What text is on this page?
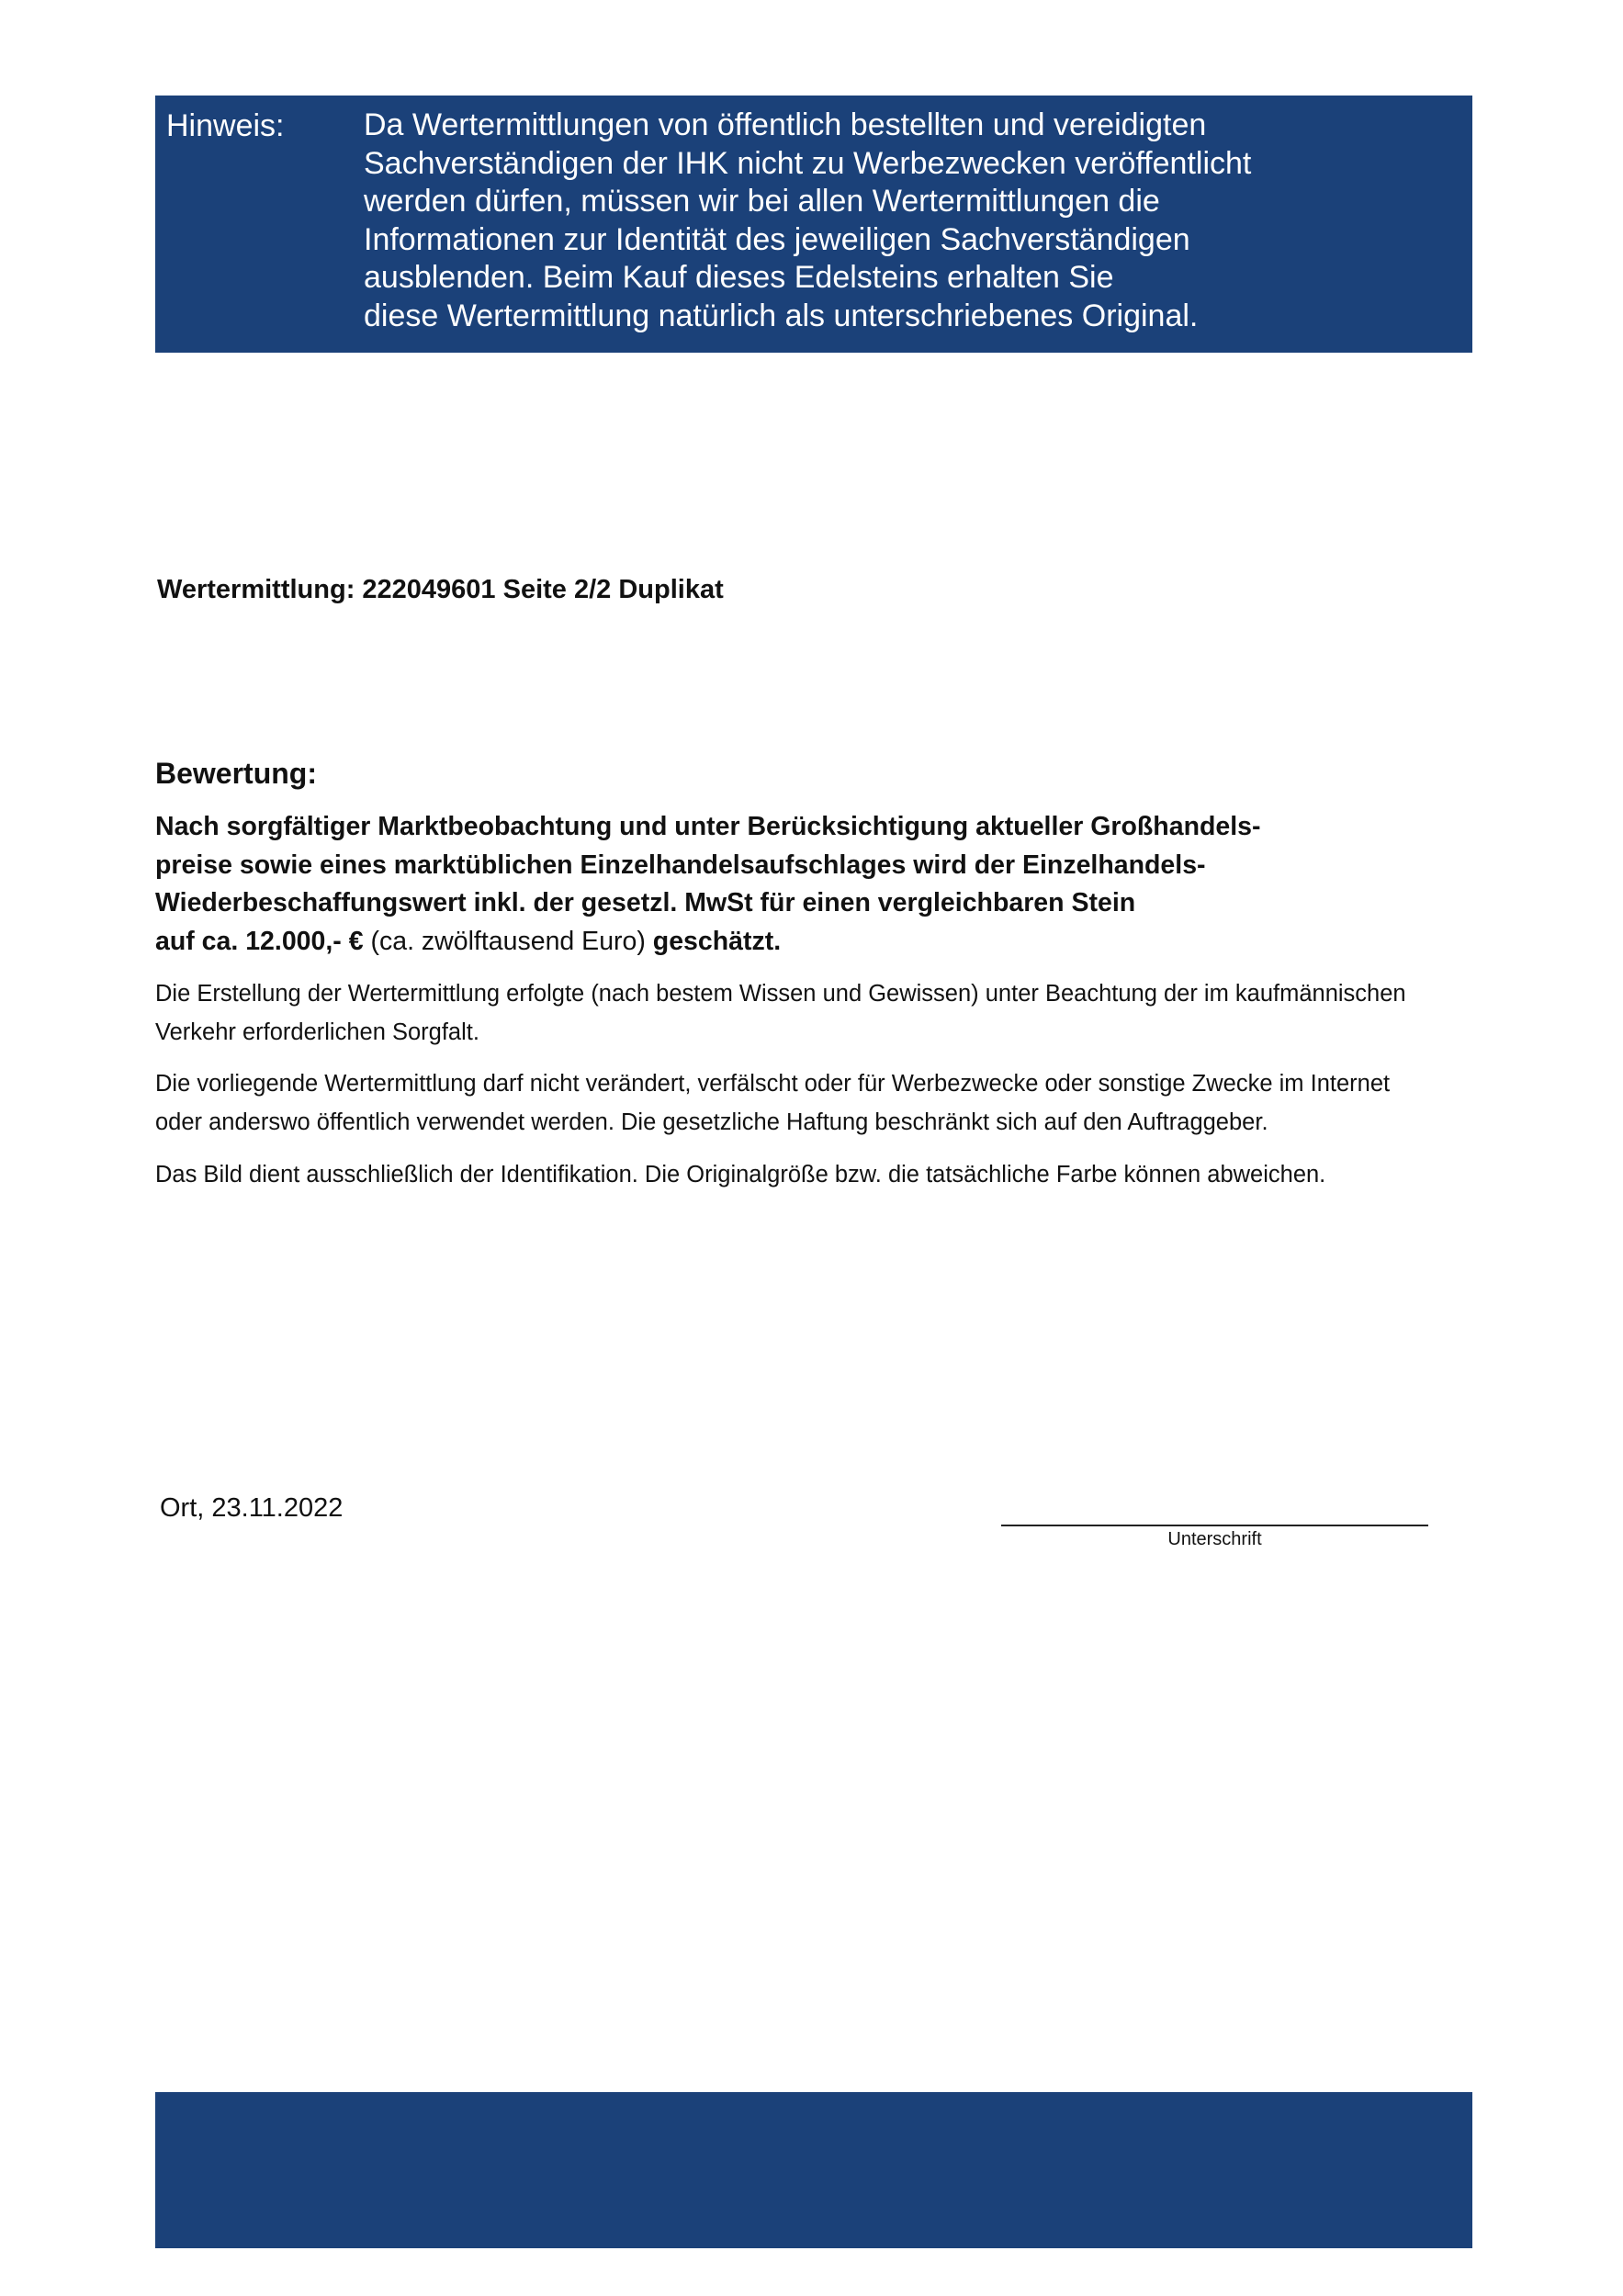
Hinweis:	Da Wertermittlungen von öffentlich bestellten und vereidigten
Sachverständigen der IHK nicht zu Werbezwecken veröffentlicht
werden dürfen, müssen wir bei allen Wertermittlungen die
Informationen zur Identität des jeweiligen Sachverständigen
ausblenden. Beim Kauf dieses Edelsteins erhalten Sie
diese Wertermittlung natürlich als unterschriebenes Original.
Wertermittlung: 222049601 Seite 2/2 Duplikat
Bewertung:
Nach sorgfältiger Marktbeobachtung und unter Berücksichtigung aktueller Großhandels-
preise sowie eines marktüblichen Einzelhandelsaufschlages wird der Einzelhandels-
Wiederbeschaffungswert inkl. der gesetzl. MwSt für einen vergleichbaren Stein
auf ca. 12.000,- € (ca. zwölftausend Euro) geschätzt.
Die Erstellung der Wertermittlung erfolgte (nach bestem Wissen und Gewissen) unter Beachtung der im kaufmännischen
Verkehr erforderlichen Sorgfalt.
Die vorliegende Wertermittlung darf nicht verändert, verfälscht oder für Werbezwecke oder sonstige Zwecke im Internet
oder anderswo öffentlich verwendet werden. Die gesetzliche Haftung beschränkt sich auf den Auftraggeber.
Das Bild dient ausschließlich der Identifikation. Die Originalgröße bzw. die tatsächliche Farbe können abweichen.
Ort, 23.11.2022
Unterschrift
